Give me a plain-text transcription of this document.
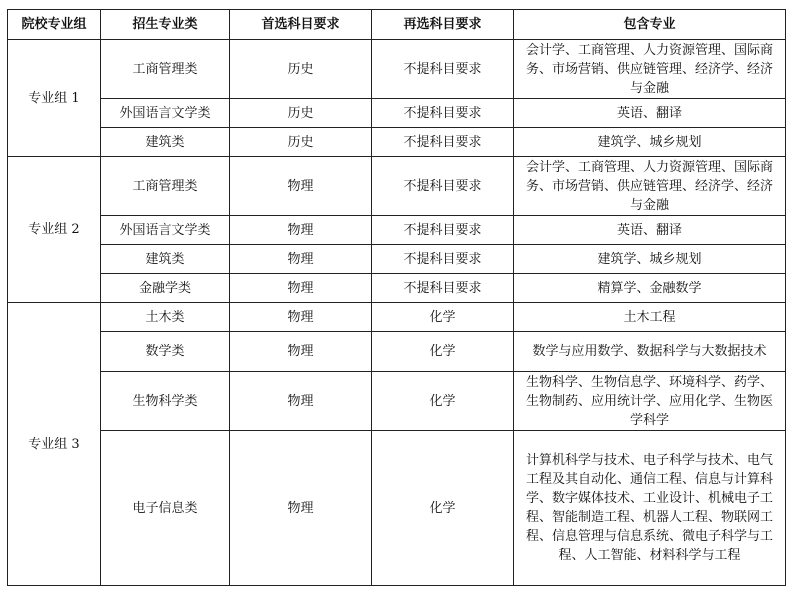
院校专业组	招生专业类	首选科目要求	再选科目要求	包含专业
专业组 1	工商管理类	历史	不提科目要求	会计学、工商管理、人力资源管理、国际商务、市场营销、供应链管理、经济学、经济与金融
	外国语言文学类	历史	不提科目要求	英语、翻译
	建筑类	历史	不提科目要求	建筑学、城乡规划
专业组 2	工商管理类	物理	不提科目要求	会计学、工商管理、人力资源管理、国际商务、市场营销、供应链管理、经济学、经济与金融
	外国语言文学类	物理	不提科目要求	英语、翻译
	建筑类	物理	不提科目要求	建筑学、城乡规划
	金融学类	物理	不提科目要求	精算学、金融数学
专业组 3	土木类	物理	化学	土木工程
	数学类	物理	化学	数学与应用数学、数据科学与大数据技术
	生物科学类	物理	化学	生物科学、生物信息学、环境科学、药学、生物制药、应用统计学、应用化学、生物医学科学
	电子信息类	物理	化学	计算机科学与技术、电子科学与技术、电气工程及其自动化、通信工程、信息与计算科学、数字媒体技术、工业设计、机械电子工程、智能制造工程、机器人工程、物联网工程、信息管理与信息系统、微电子科学与工程、人工智能、材料科学与工程
